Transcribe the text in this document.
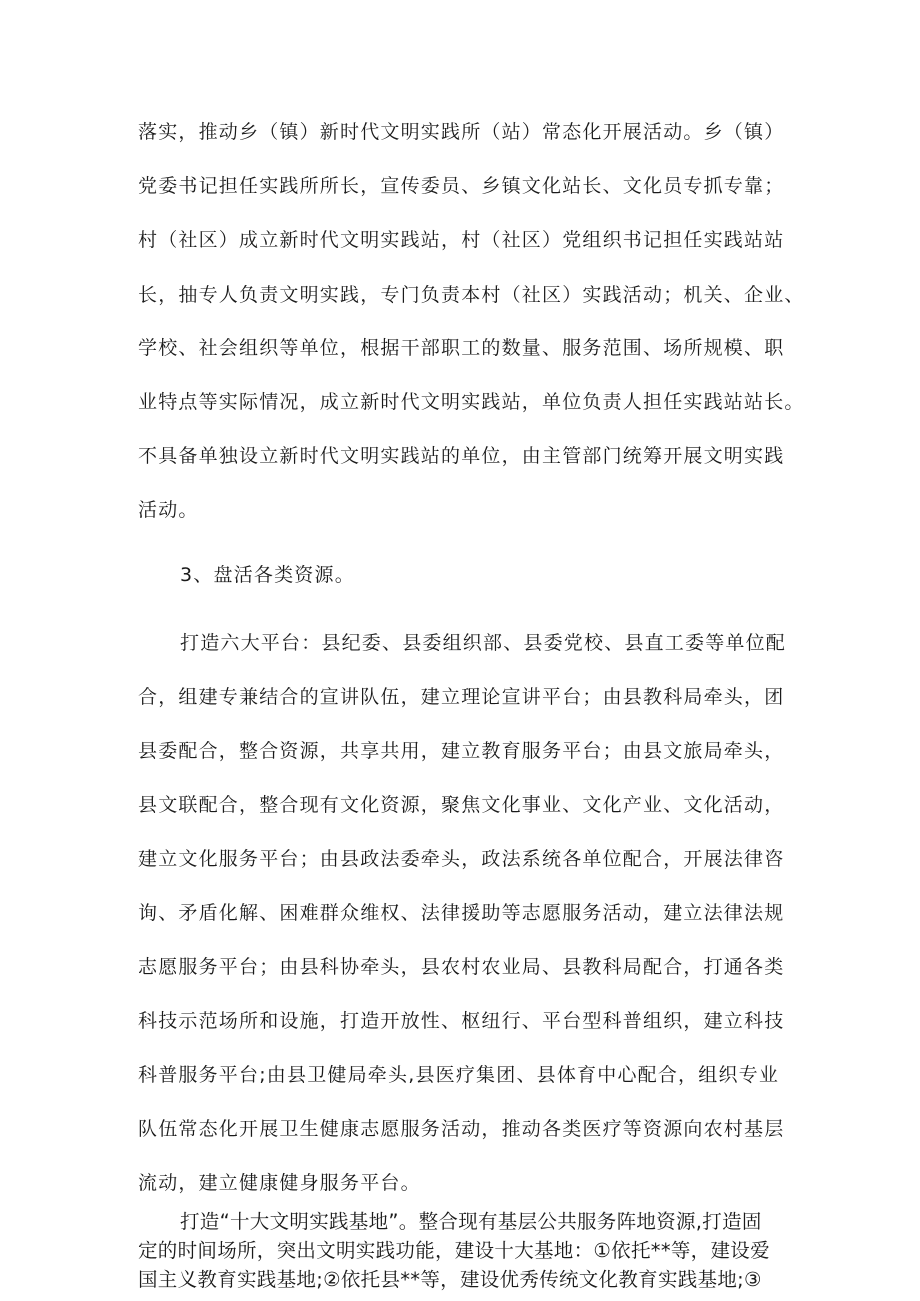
落实，推动乡（镇）新时代文明实践所（站）常态化开展活动。乡（镇）
党委书记担任实践所所长，宣传委员、乡镇文化站长、文化员专抓专靠；
村（社区）成立新时代文明实践站，村（社区）党组织书记担任实践站站
长，抽专人负责文明实践，专门负责本村（社区）实践活动；机关、企业、
学校、社会组织等单位，根据干部职工的数量、服务范围、场所规模、职
业特点等实际情况，成立新时代文明实践站，单位负责人担任实践站站长。
不具备单独设立新时代文明实践站的单位，由主管部门统筹开展文明实践
活动。
3、盘活各类资源。
打造六大平台：县纪委、县委组织部、县委党校、县直工委等单位配
合，组建专兼结合的宣讲队伍，建立理论宣讲平台；由县教科局牵头，团
县委配合，整合资源，共享共用，建立教育服务平台；由县文旅局牵头，
县文联配合，整合现有文化资源，聚焦文化事业、文化产业、文化活动，
建立文化服务平台；由县政法委牵头，政法系统各单位配合，开展法律咨
询、矛盾化解、困难群众维权、法律援助等志愿服务活动，建立法律法规
志愿服务平台；由县科协牵头，县农村农业局、县教科局配合，打通各类
科技示范场所和设施，打造开放性、枢纽行、平台型科普组织，建立科技
科普服务平台;由县卫健局牵头,县医疗集团、县体育中心配合，组织专业
队伍常态化开展卫生健康志愿服务活动，推动各类医疗等资源向农村基层
流动，建立健康健身服务平台。
打造“十大文明实践基地”。整合现有基层公共服务阵地资源,打造固
定的时间场所，突出文明实践功能，建设十大基地：①依托**等，建设爱
国主义教育实践基地;②依托县**等，建设优秀传统文化教育实践基地;③
